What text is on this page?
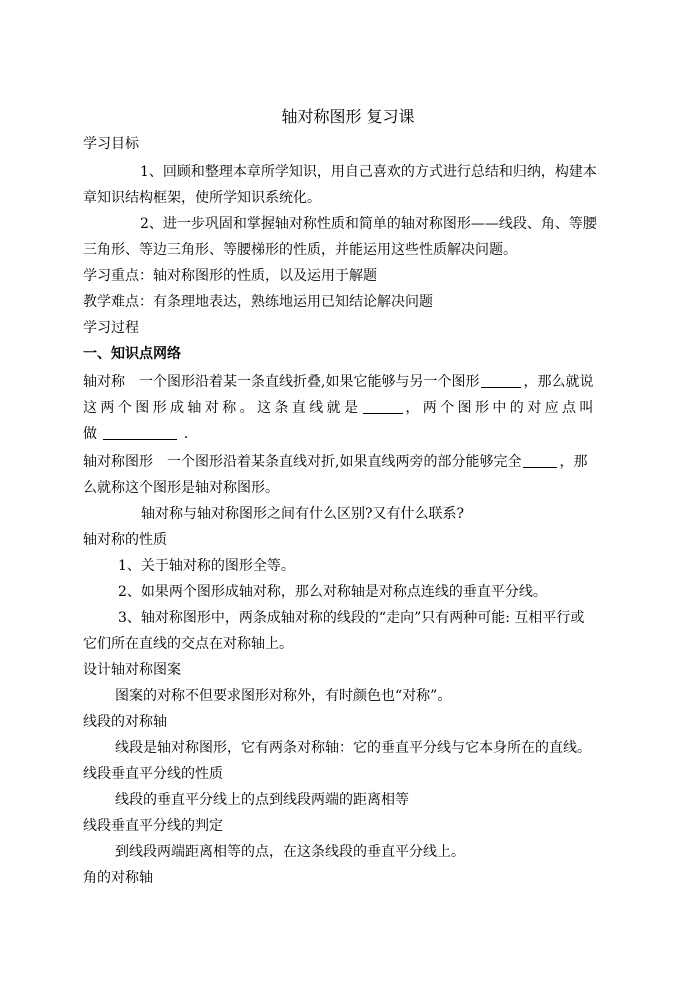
轴对称图形 复习课
学习目标
1、回顾和整理本章所学知识，用自己喜欢的方式进行总结和归纳，构建本
章知识结构框架，使所学知识系统化。
2、进一步巩固和掌握轴对称性质和简单的轴对称图形——线段、角、等腰
三角形、等边三角形、等腰梯形的性质，并能运用这些性质解决问题。
学习重点：轴对称图形的性质，以及运用于解题
教学难点：有条理地表达，熟练地运用已知结论解决问题
学习过程
一、知识点网络
轴对称　一个图形沿着某一条直线折叠,如果它能够与另一个图形	，那么就说
这两个图形成轴对称。这条直线就是	，两个图形中的对应点叫
做	.
轴对称图形　一个图形沿着某条直线对折,如果直线两旁的部分能够完全	，那
么就称这个图形是轴对称图形。
轴对称与轴对称图形之间有什么区别?又有什么联系?
轴对称的性质
1、关于轴对称的图形全等。
2、如果两个图形成轴对称，那么对称轴是对称点连线的垂直平分线。
3、轴对称图形中，两条成轴对称的线段的“走向”只有两种可能: 互相平行或
它们所在直线的交点在对称轴上。
设计轴对称图案
图案的对称不但要求图形对称外，有时颜色也“对称”。
线段的对称轴
线段是轴对称图形，它有两条对称轴：它的垂直平分线与它本身所在的直线。
线段垂直平分线的性质
线段的垂直平分线上的点到线段两端的距离相等
线段垂直平分线的判定
到线段两端距离相等的点，在这条线段的垂直平分线上。
角的对称轴
